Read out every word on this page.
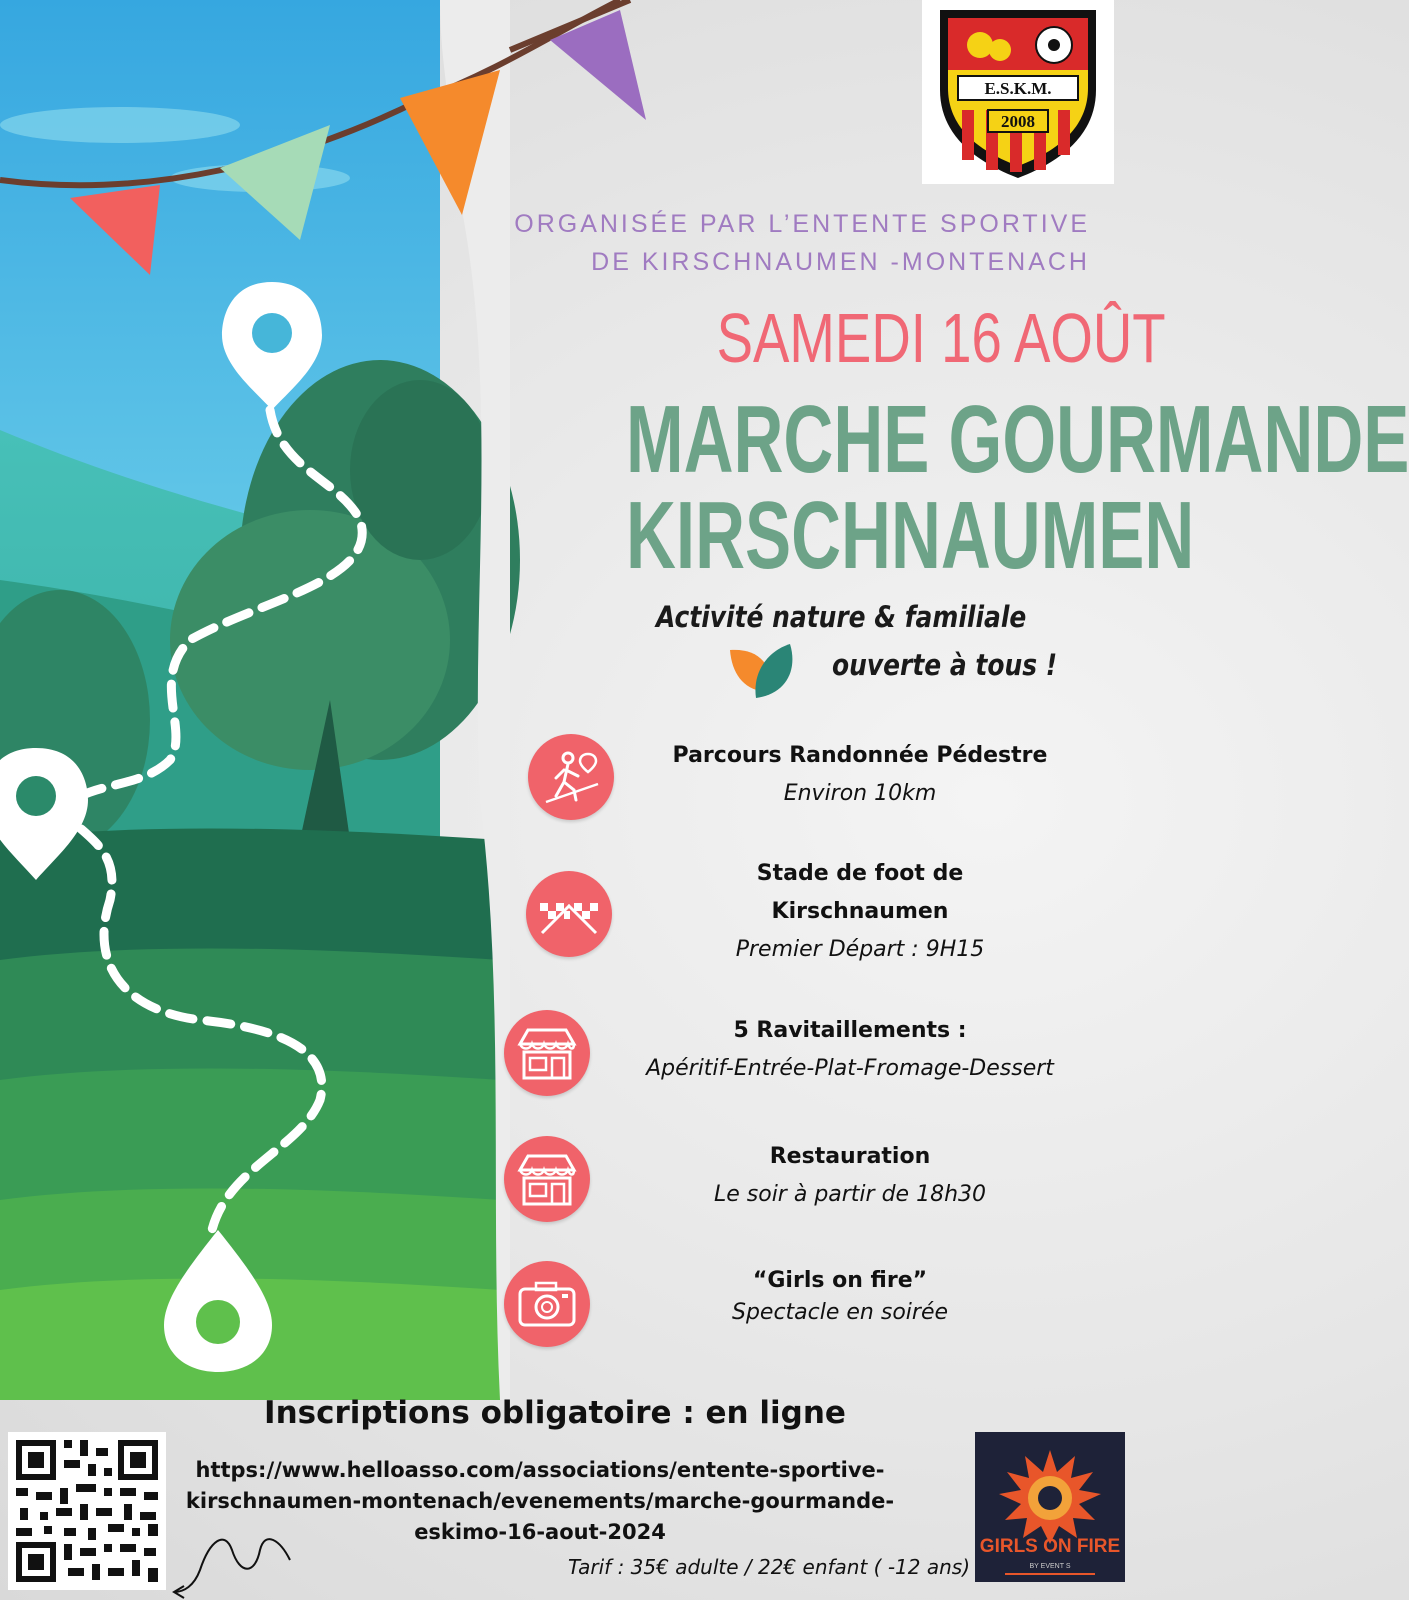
E.S.K.M.
2008
ORGANISÉE PAR L’ENTENTE SPORTIVE
DE KIRSCHNAUMEN -MONTENACH
SAMEDI 16 AOÛT
MARCHE GOURMANDE
KIRSCHNAUMEN
Activité nature & familiale
ouverte à tous !
Parcours Randonnée Pédestre
Environ 10km
Stade de foot de
Kirschnaumen
Premier Départ : 9H15
5 Ravitaillements :
Apéritif-Entrée-Plat-Fromage-Dessert
Restauration
Le soir à partir de 18h30
“Girls on fire”
Spectacle en soirée
Inscriptions obligatoire : en ligne
https://www.helloasso.com/associations/entente-sportive-
kirschnaumen-montenach/evenements/marche-gourmande-
eskimo-16-aout-2024
Tarif : 35€ adulte / 22€ enfant ( -12 ans)
GIRLS ON FIRE
BY EVENT S
